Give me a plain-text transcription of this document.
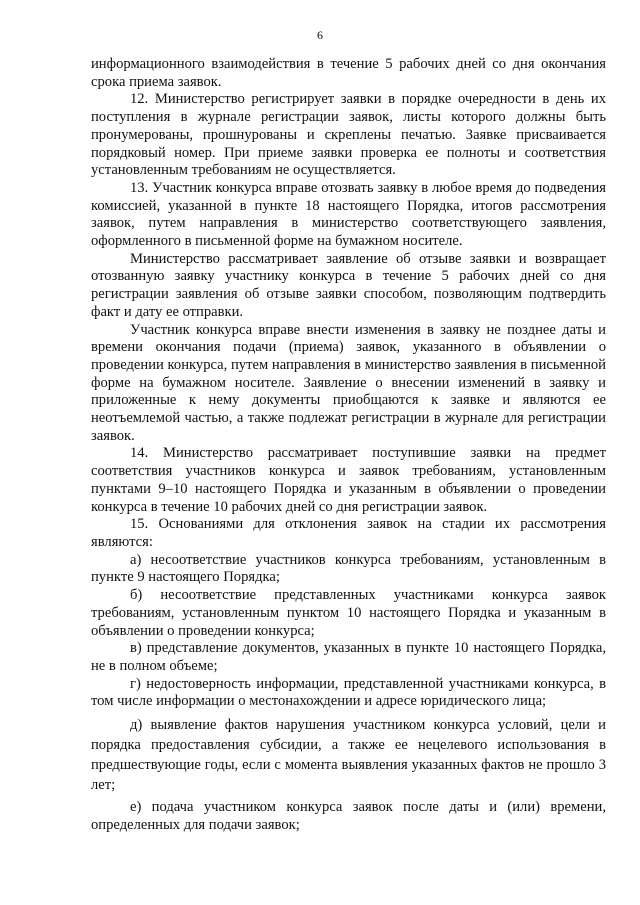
6

информационного взаимодействия в течение 5 рабочих дней со дня окончания срока приема заявок.

12. Министерство регистрирует заявки в порядке очередности в день их поступления в журнале регистрации заявок, листы которого должны быть пронумерованы, прошнурованы и скреплены печатью. Заявке присваивается порядковый номер. При приеме заявки проверка ее полноты и соответствия установленным требованиям не осуществляется.

13. Участник конкурса вправе отозвать заявку в любое время до подведения комиссией, указанной в пункте 18 настоящего Порядка, итогов рассмотрения заявок, путем направления в министерство соответствующего заявления, оформленного в письменной форме на бумажном носителе.

Министерство рассматривает заявление об отзыве заявки и возвращает отозванную заявку участнику конкурса в течение 5 рабочих дней со дня регистрации заявления об отзыве заявки способом, позволяющим подтвердить факт и дату ее отправки.

Участник конкурса вправе внести изменения в заявку не позднее даты и времени окончания подачи (приема) заявок, указанного в объявлении о проведении конкурса, путем направления в министерство заявления в письменной форме на бумажном носителе. Заявление о внесении изменений в заявку и приложенные к нему документы приобщаются к заявке и являются ее неотъемлемой частью, а также подлежат регистрации в журнале для регистрации заявок.

14. Министерство рассматривает поступившие заявки на предмет соответствия участников конкурса и заявок требованиям, установленным пунктами 9–10 настоящего Порядка и указанным в объявлении о проведении конкурса в течение 10 рабочих дней со дня регистрации заявок.

15. Основаниями для отклонения заявок на стадии их рассмотрения являются:

а) несоответствие участников конкурса требованиям, установленным в пункте 9 настоящего Порядка;

б) несоответствие представленных участниками конкурса заявок требованиям, установленным пунктом 10 настоящего Порядка и указанным в объявлении о проведении конкурса;

в) представление документов, указанных в пункте 10 настоящего Порядка, не в полном объеме;

г) недостоверность информации, представленной участниками конкурса, в том числе информации о местонахождении и адресе юридического лица;

д) выявление фактов нарушения участником конкурса условий, цели и порядка предоставления субсидии, а также ее нецелевого использования в предшествующие годы, если с момента выявления указанных фактов не прошло 3 лет;

е) подача участником конкурса заявок после даты и (или) времени, определенных для подачи заявок;
